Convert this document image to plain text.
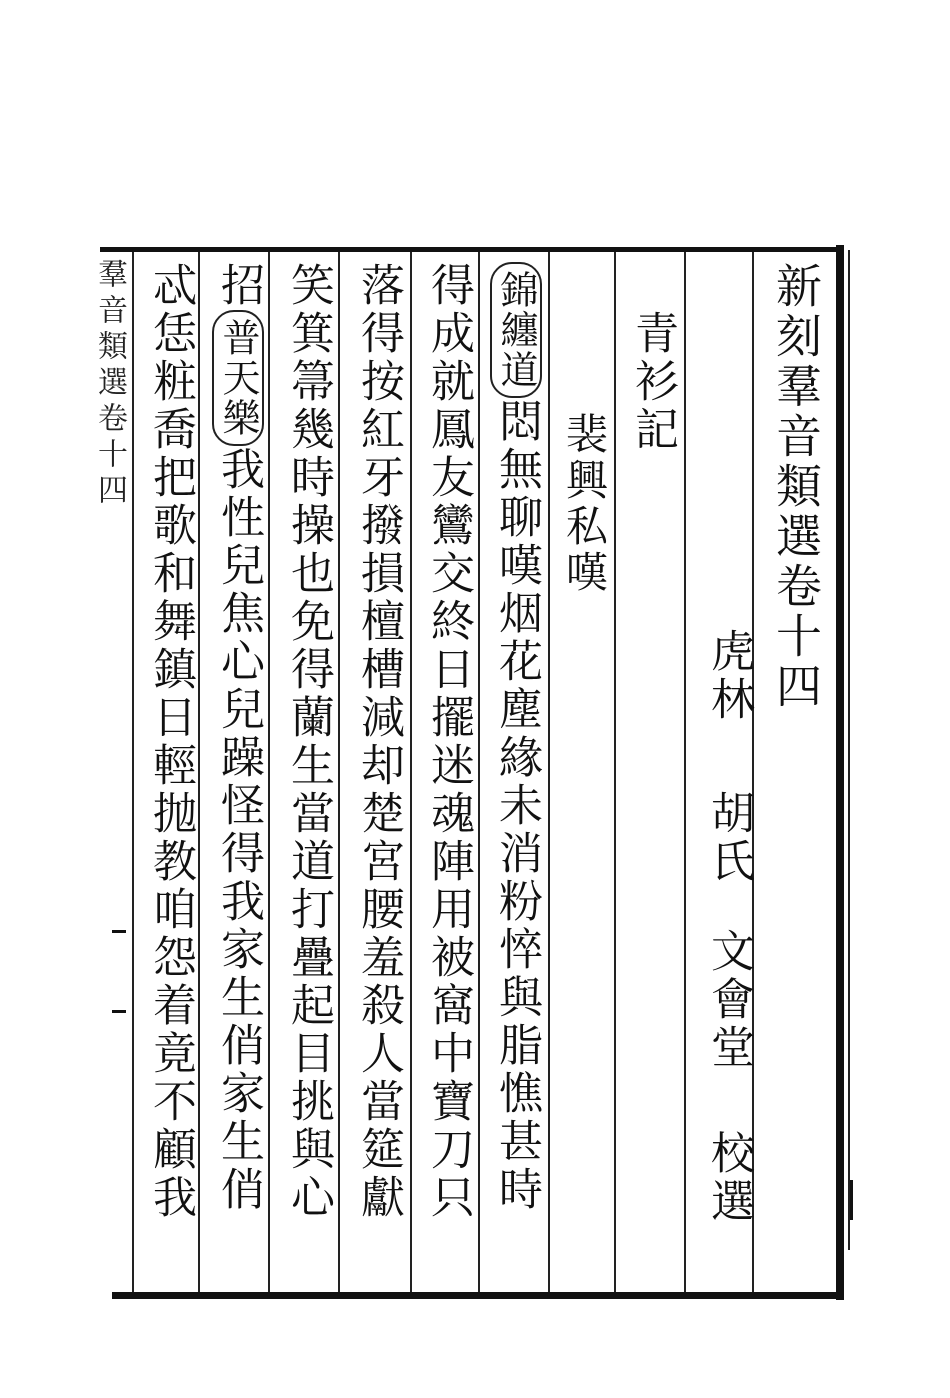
羣音類選卷十四	新刻羣音類選卷十四
虎林
胡氏
文會堂
校選
青衫記
裴興私嘆
錦纏道悶無聊嘆烟花塵緣未消粉悴與脂憔甚時
得成就鳳友鸞交終日擺迷魂陣用被窩中寶刀只
落得按紅牙撥損檀槽減却楚宮腰羞殺人當筵獻
笑箕箒幾時操也免得蘭生當道打疊起目挑與心
招普天樂我性兒焦心兒躁怪得我家生俏家生俏
忒恁粧喬把歌和舞鎮日輕抛教咱怨着竟不顧我
